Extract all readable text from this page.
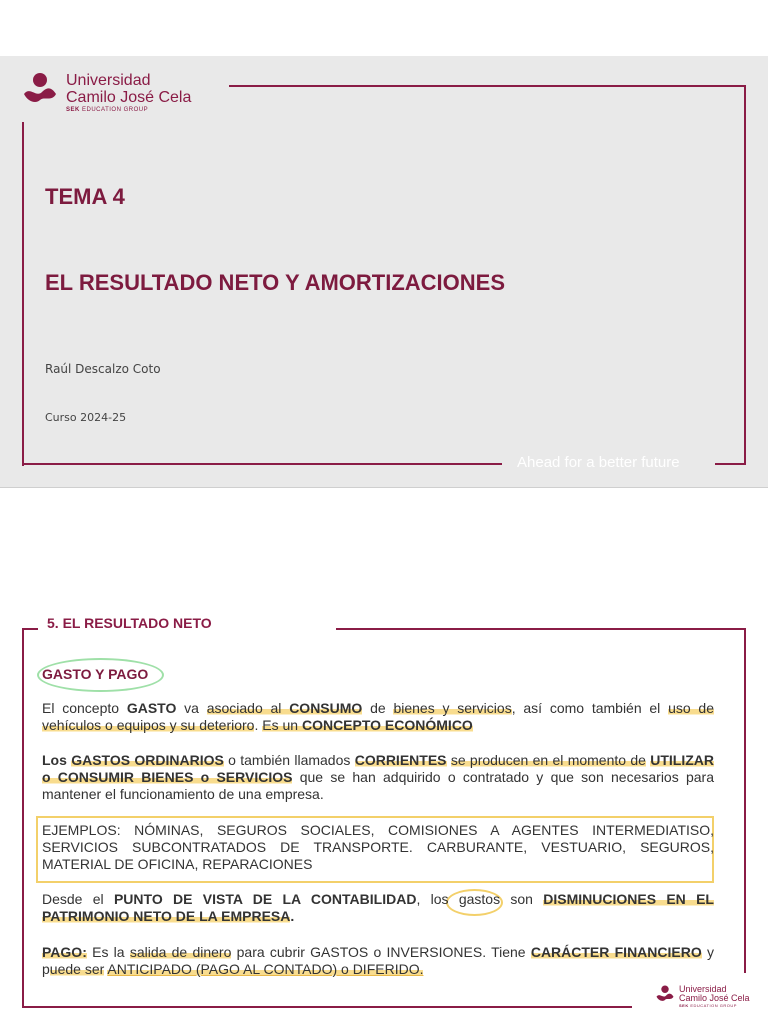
Ahead for a better future
Universidad
Camilo José Cela
SEK EDUCATION GROUP
TEMA 4
EL RESULTADO NETO Y AMORTIZACIONES
Raúl Descalzo Coto
Curso 2024-25
5. EL RESULTADO NETO
GASTO Y PAGO
El concepto GASTO va asociado al CONSUMO de bienes y servicios, así como también el uso de vehículos o equipos y su deterioro. Es un CONCEPTO ECONÓMICO
Los GASTOS ORDINARIOS o también llamados CORRIENTES se producen en el momento de UTILIZAR o CONSUMIR BIENES o SERVICIOS que se han adquirido o contratado y que son necesarios para mantener el funcionamiento de una empresa.
EJEMPLOS: NÓMINAS, SEGUROS SOCIALES, COMISIONES A AGENTES INTERMEDIATISO, SERVICIOS SUBCONTRATADOS DE TRANSPORTE. CARBURANTE, VESTUARIO, SEGUROS, MATERIAL DE OFICINA, REPARACIONES
Desde el PUNTO DE VISTA DE LA CONTABILIDAD, los gastos son DISMINUCIONES EN EL PATRIMONIO NETO DE LA EMPRESA.
PAGO: Es la salida de dinero para cubrir GASTOS o INVERSIONES. Tiene CARÁCTER FINANCIERO y puede ser ANTICIPADO (PAGO AL CONTADO) o DIFERIDO.
Universidad
Camilo José Cela
SEK EDUCATION GROUP
